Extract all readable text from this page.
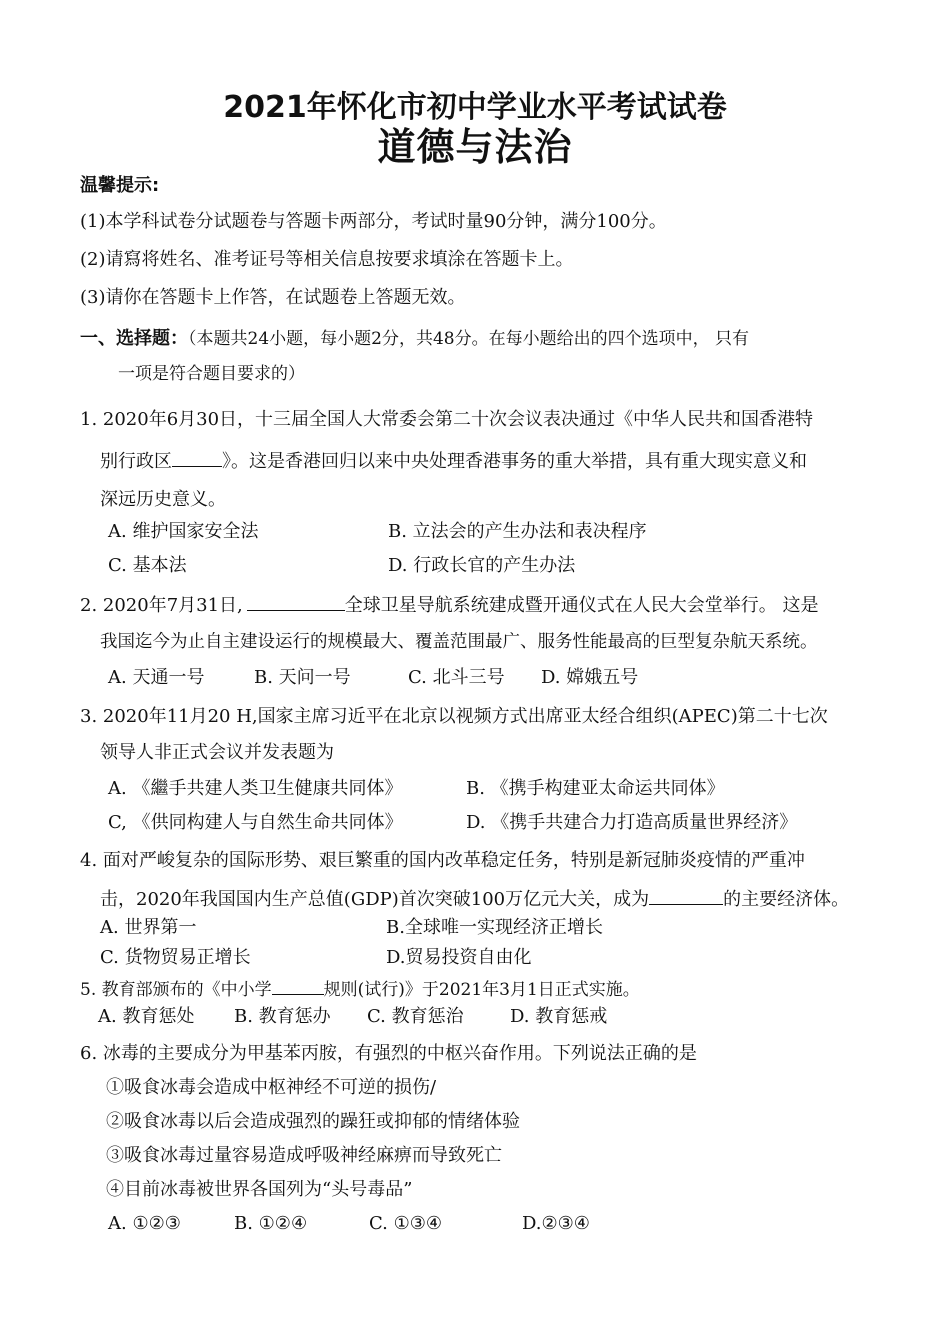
2021年怀化市初中学业水平考试试卷
道德与法治
温馨提示:
(1)本学科试卷分试题卷与答题卡两部分，考试时量90分钟，满分100分。
(2)请寫将姓名、准考证号等相关信息按要求填涂在答题卡上。
(3)请你在答题卡上作答，在试题卷上答题无效。
一、选择题：（本题共24小题，每小题2分，共48分。在每小题给出的四个选项中， 只有
一项是符合题目要求的）
1. 2020年6月30日，十三届全国人大常委会第二十次会议表决通过《中华人民共和国香港特
别行政区	》。这是香港回归以来中央处理香港事务的重大举措，具有重大现实意义和
深远历史意义。
A. 维护国家安全法	B. 立法会的产生办法和表决程序
C. 基本法	D. 行政长官的产生办法
2. 2020年7月31日,	全球卫星导航系统建成暨开通仪式在人民大会堂举行。 这是
我国迄今为止自主建设运行的规模最大、覆盖范围最广、服务性能最高的巨型复杂航天系统。
A. 天通一号	B. 天问一号	C. 北斗三号 D. 嫦娥五号
3. 2020年11月20 H,国家主席习近平在北京以视频方式出席亚太经合组织(APEC)第二十七次
领导人非正式会议并发表题为
A. 《繼手共建人类卫生健康共同体》	B. 《携手构建亚太命运共同体》
C, 《供同构建人与自然生命共同体》	D. 《携手共建合力打造高质量世界经济》
4. 面对严峻复杂的国际形势、艰巨繁重的国内改革稳定任务，特别是新冠肺炎疫情的严重冲
击，2020年我国国内生产总值(GDP)首次突破100万亿元大关，成为	的主要经济体。
A. 世界第一	B.全球唯一实现经济正增长
C. 货物贸易正增长	D.贸易投资自由化
5. 教育部颁布的《中小学	规则(试行)》于2021年3月1日正式实施。
A. 教育惩处 B. 教育惩办 C. 教育惩治	D. 教育惩戒
6. 冰毒的主要成分为甲基苯丙胺，有强烈的中枢兴奋作用。下列说法正确的是
①吸食冰毒会造成中枢神经不可逆的损伤/
②吸食冰毒以后会造成强烈的躁狂或抑郁的情绪体验
③吸食冰毒过量容易造成呼吸神经麻痹而导致死亡
④目前冰毒被世界各国列为“头号毒品”
A. ①②③	B. ①②④	C. ①③④	D.②③④
